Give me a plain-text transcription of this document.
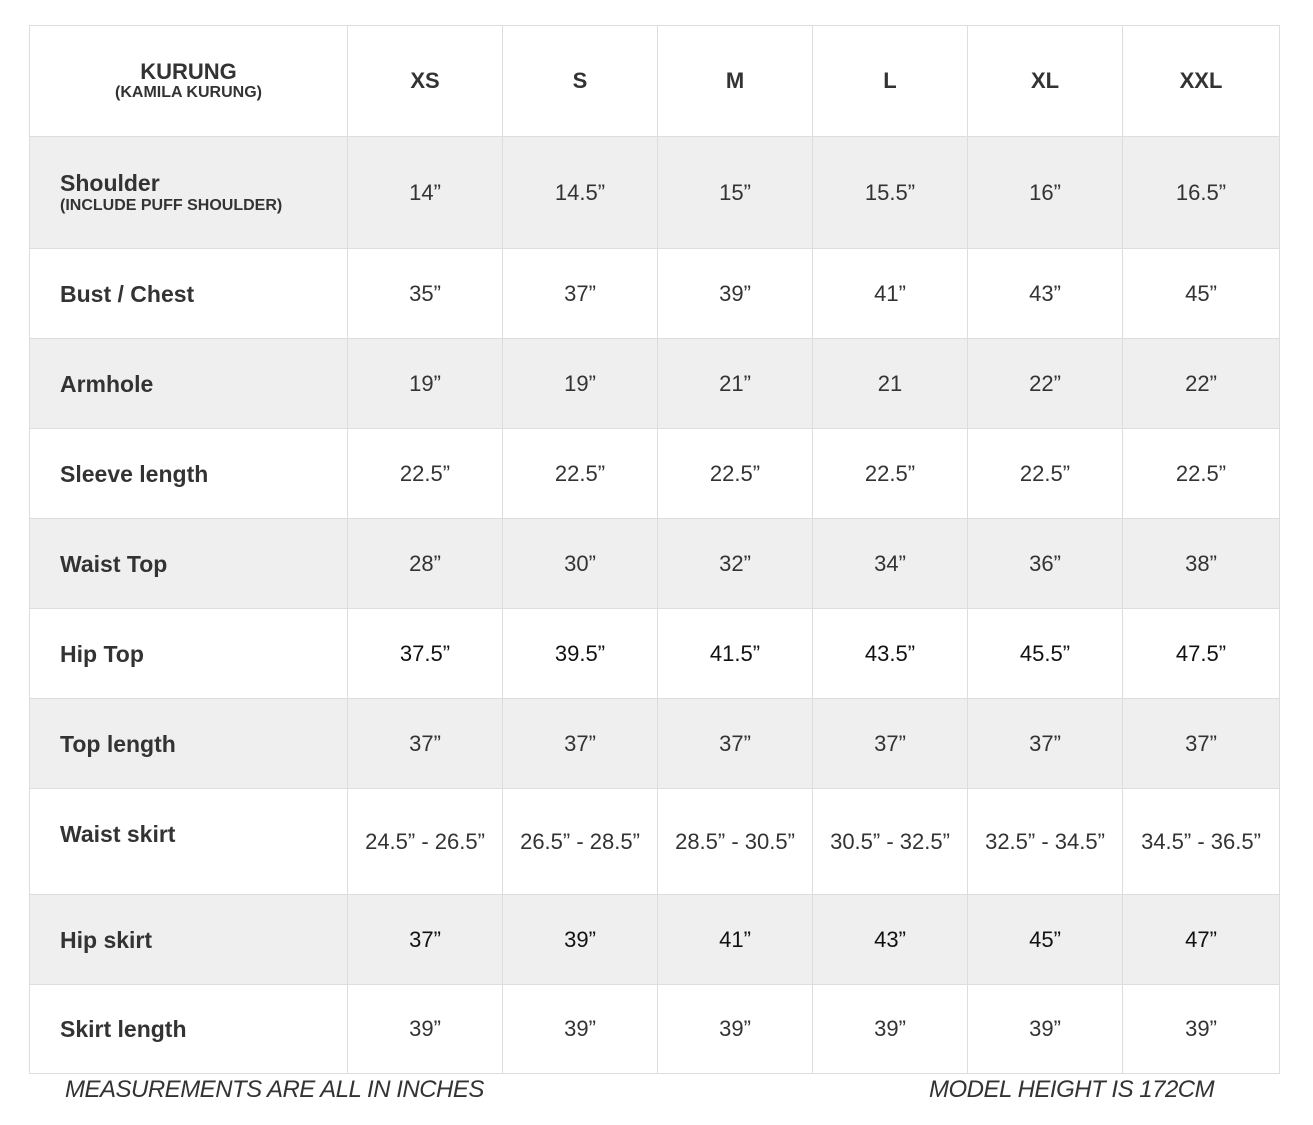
KURUNG
(KAMILA KURUNG)	XS	S	M	L	XL	XXL

Shoulder
(INCLUDE PUFF SHOULDER)	14”	14.5”	15”	15.5”	16”	16.5”

Bust / Chest	35”	37”	39”	41”	43”	45”

Armhole	19”	19”	21”	21	22”	22”

Sleeve length	22.5”	22.5”	22.5”	22.5”	22.5”	22.5”

Waist Top	28”	30”	32”	34”	36”	38”

Hip Top	37.5”	39.5”	41.5”	43.5”	45.5”	47.5”

Top length	37”	37”	37”	37”	37”	37”

Waist skirt	24.5” - 26.5”	26.5” - 28.5”	28.5” - 30.5”	30.5” - 32.5”	32.5” - 34.5”	34.5” - 36.5”

Hip skirt	37”	39”	41”	43”	45”	47”

Skirt length	39”	39”	39”	39”	39”	39”
MEASUREMENTS ARE ALL IN INCHES	MODEL HEIGHT IS 172CM
